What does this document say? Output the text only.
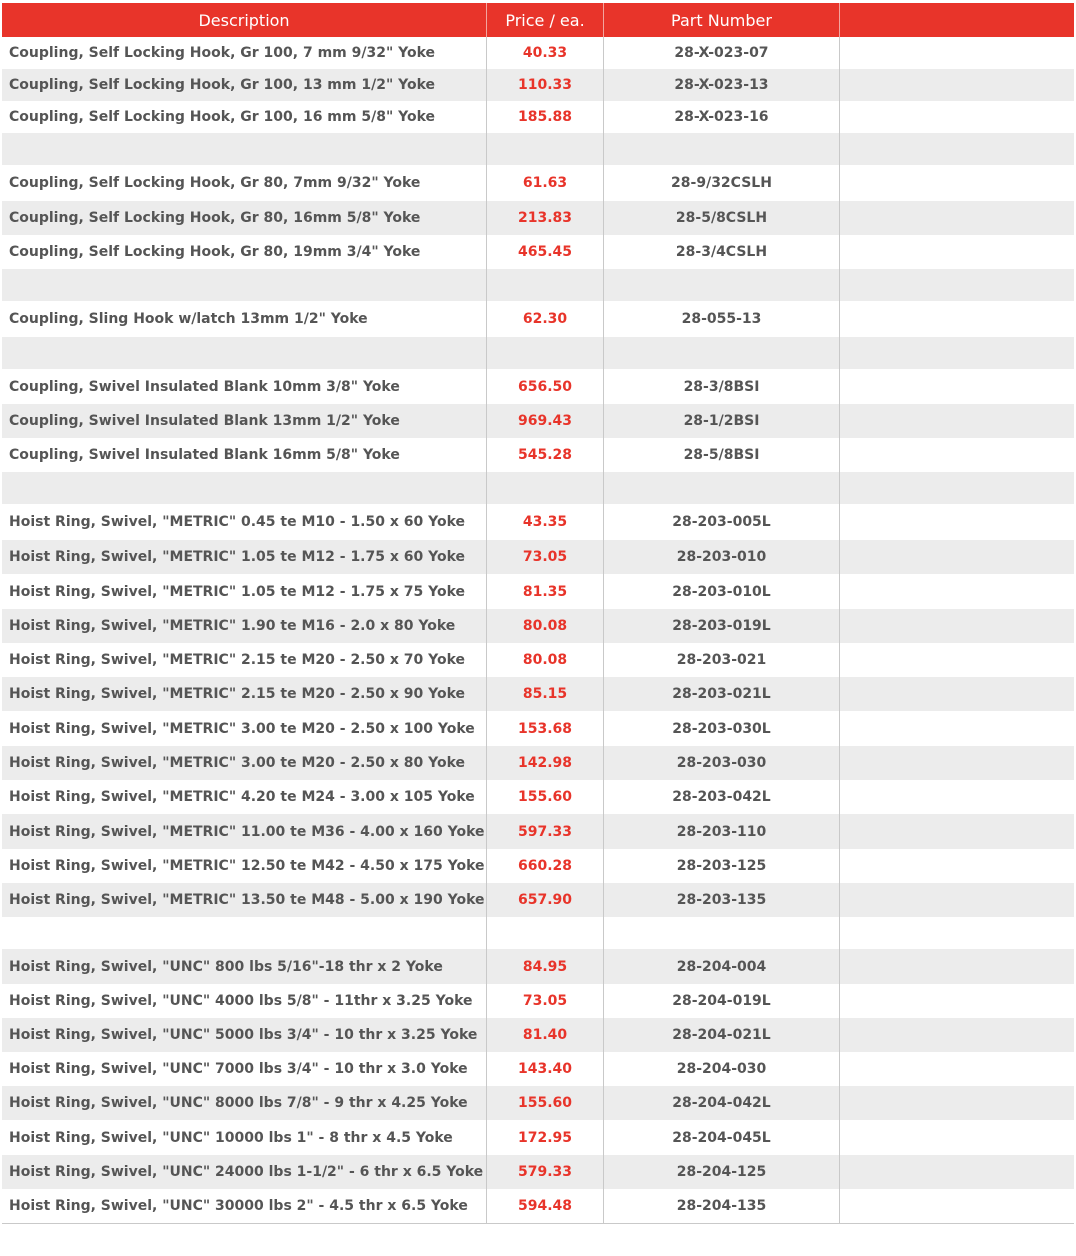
Description	Price / ea.	Part Number
Coupling, Self Locking Hook, Gr 100, 7 mm 9/32" Yoke	40.33	28-X-023-07
Coupling, Self Locking Hook, Gr 100, 13 mm 1/2" Yoke	110.33	28-X-023-13
Coupling, Self Locking Hook, Gr 100, 16 mm 5/8" Yoke	185.88	28-X-023-16
Coupling, Self Locking Hook, Gr 80, 7mm 9/32" Yoke	61.63	28-9/32CSLH
Coupling, Self Locking Hook, Gr 80, 16mm 5/8" Yoke	213.83	28-5/8CSLH
Coupling, Self Locking Hook, Gr 80, 19mm 3/4" Yoke	465.45	28-3/4CSLH
Coupling, Sling Hook w/latch 13mm 1/2" Yoke	62.30	28-055-13
Coupling, Swivel Insulated Blank 10mm 3/8" Yoke	656.50	28-3/8BSI
Coupling, Swivel Insulated Blank 13mm 1/2" Yoke	969.43	28-1/2BSI
Coupling, Swivel Insulated Blank 16mm 5/8" Yoke	545.28	28-5/8BSI
Hoist Ring, Swivel, "METRIC" 0.45 te M10 - 1.50 x 60 Yoke	43.35	28-203-005L
Hoist Ring, Swivel, "METRIC" 1.05 te M12 - 1.75 x 60 Yoke	73.05	28-203-010
Hoist Ring, Swivel, "METRIC" 1.05 te M12 - 1.75 x 75 Yoke	81.35	28-203-010L
Hoist Ring, Swivel, "METRIC" 1.90 te M16 - 2.0 x 80 Yoke	80.08	28-203-019L
Hoist Ring, Swivel, "METRIC" 2.15 te M20 - 2.50 x 70 Yoke	80.08	28-203-021
Hoist Ring, Swivel, "METRIC" 2.15 te M20 - 2.50 x 90 Yoke	85.15	28-203-021L
Hoist Ring, Swivel, "METRIC" 3.00 te M20 - 2.50 x 100 Yoke	153.68	28-203-030L
Hoist Ring, Swivel, "METRIC" 3.00 te M20 - 2.50 x 80 Yoke	142.98	28-203-030
Hoist Ring, Swivel, "METRIC" 4.20 te M24 - 3.00 x 105 Yoke	155.60	28-203-042L
Hoist Ring, Swivel, "METRIC" 11.00 te M36 - 4.00 x 160 Yoke	597.33	28-203-110
Hoist Ring, Swivel, "METRIC" 12.50 te M42 - 4.50 x 175 Yoke	660.28	28-203-125
Hoist Ring, Swivel, "METRIC" 13.50 te M48 - 5.00 x 190 Yoke	657.90	28-203-135
Hoist Ring, Swivel, "UNC" 800 lbs 5/16"-18 thr x 2 Yoke	84.95	28-204-004
Hoist Ring, Swivel, "UNC" 4000 lbs 5/8" - 11thr x 3.25 Yoke	73.05	28-204-019L
Hoist Ring, Swivel, "UNC" 5000 lbs 3/4" - 10 thr x 3.25 Yoke	81.40	28-204-021L
Hoist Ring, Swivel, "UNC" 7000 lbs 3/4" - 10 thr x 3.0 Yoke	143.40	28-204-030
Hoist Ring, Swivel, "UNC" 8000 lbs 7/8" - 9 thr x 4.25 Yoke	155.60	28-204-042L
Hoist Ring, Swivel, "UNC" 10000 lbs 1" - 8 thr x 4.5 Yoke	172.95	28-204-045L
Hoist Ring, Swivel, "UNC" 24000 lbs 1-1/2" - 6 thr x 6.5 Yoke	579.33	28-204-125
Hoist Ring, Swivel, "UNC" 30000 lbs 2" - 4.5 thr x 6.5 Yoke	594.48	28-204-135
